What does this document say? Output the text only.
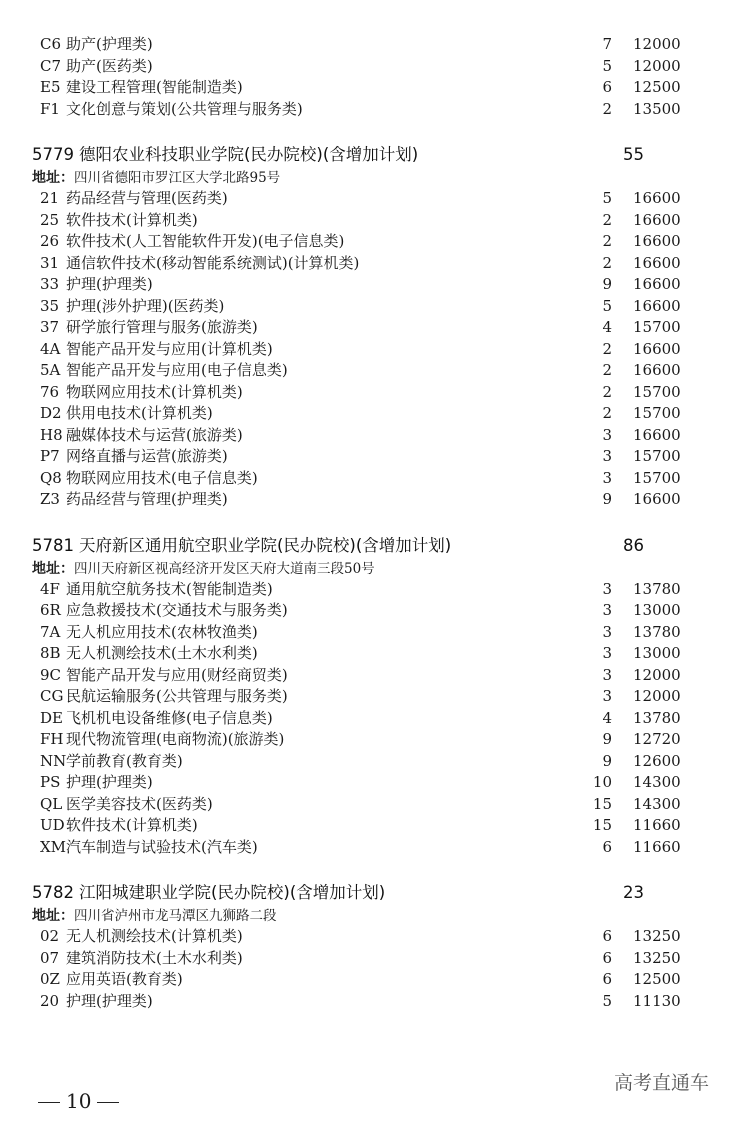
C6 助产(护理类)	7 12000
C7 助产(医药类)	5 12000
E5 建设工程管理(智能制造类)	6 12500
F1 文化创意与策划(公共管理与服务类)	2 13500
5779 德阳农业科技职业学院(民办院校)(含增加计划)	55
地址：四川省德阳市罗江区大学北路95号
21 药品经营与管理(医药类)	5 16600
25 软件技术(计算机类)	2 16600
26 软件技术(人工智能软件开发)(电子信息类)	2 16600
31 通信软件技术(移动智能系统测试)(计算机类)	2 16600
33 护理(护理类)	9 16600
35 护理(涉外护理)(医药类)	5 16600
37 研学旅行管理与服务(旅游类)	4 15700
4A 智能产品开发与应用(计算机类)	2 16600
5A 智能产品开发与应用(电子信息类)	2 16600
76 物联网应用技术(计算机类)	2 15700
D2 供用电技术(计算机类)	2 15700
H8 融媒体技术与运营(旅游类)	3 16600
P7 网络直播与运营(旅游类)	3 15700
Q8 物联网应用技术(电子信息类)	3 15700
Z3 药品经营与管理(护理类)	9 16600
5781 天府新区通用航空职业学院(民办院校)(含增加计划)	86
地址：四川天府新区视高经济开发区天府大道南三段50号
4F 通用航空航务技术(智能制造类)	3 13780
6R 应急救援技术(交通技术与服务类)	3 13000
7A 无人机应用技术(农林牧渔类)	3 13780
8B 无人机测绘技术(土木水利类)	3 13000
9C 智能产品开发与应用(财经商贸类)	3 12000
CG 民航运输服务(公共管理与服务类)	3 12000
DE 飞机机电设备维修(电子信息类)	4 13780
FH 现代物流管理(电商物流)(旅游类)	9 12720
NN 学前教育(教育类)	9 12600
PS 护理(护理类)	10 14300
QL 医学美容技术(医药类)	15 14300
UD 软件技术(计算机类)	15 11660
XM 汽车制造与试验技术(汽车类)	6 11660
5782 江阳城建职业学院(民办院校)(含增加计划)	23
地址：四川省泸州市龙马潭区九狮路二段
02 无人机测绘技术(计算机类)	6 13250
07 建筑消防技术(土木水利类)	6 13250
0Z 应用英语(教育类)	6 12500
20 护理(护理类)	5 11130
10
高考直通车
